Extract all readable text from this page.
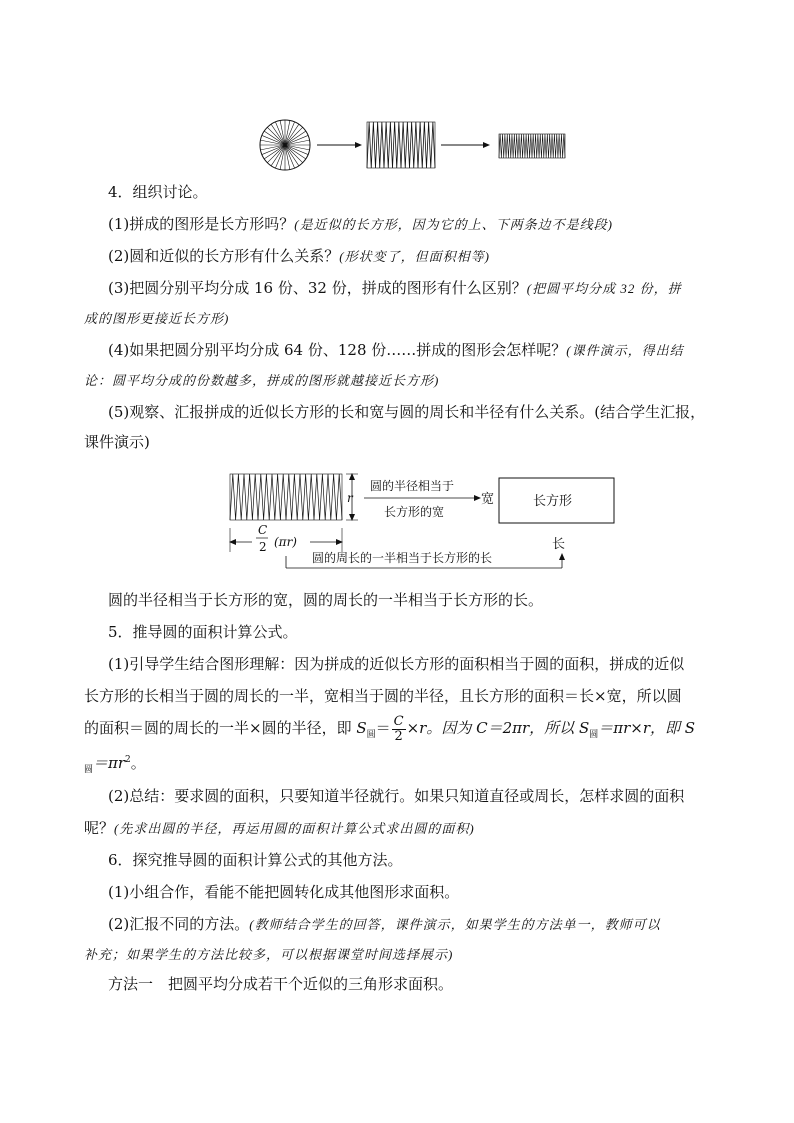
4．组织讨论。

(1)拼成的图形是长方形吗？(是近似的长方形，因为它的上、下两条边不是线段)

(2)圆和近似的长方形有什么关系？(形状变了，但面积相等)

(3)把圆分别平均分成 16 份、32 份，拼成的图形有什么区别？(把圆平均分成 32 份，拼

成的图形更接近长方形)

(4)如果把圆分别平均分成 64 份、128 份……拼成的图形会怎样呢？(课件演示，得出结

论：圆平均分成的份数越多，拼成的图形就越接近长方形)

(5)观察、汇报拼成的近似长方形的长和宽与圆的周长和半径有什么关系。(结合学生汇报，

课件演示)

r
圆的半径相当于
长方形的宽
宽	长方形
C
2 (πr)
圆的周长的一半相当于长方形的长
长

圆的半径相当于长方形的宽，圆的周长的一半相当于长方形的长。

5．推导圆的面积计算公式。

(1)引导学生结合图形理解：因为拼成的近似长方形的面积相当于圆的面积，拼成的近似

长方形的长相当于圆的周长的一半，宽相当于圆的半径，且长方形的面积＝长×宽，所以圆

的面积＝圆的周长的一半×圆的半径，即 $S_圆= \frac{C}{2} \times r$。因为 C＝2πr，所以 $S_圆=\pi r\times r$，即 S

$_圆=\pi r^2$。

(2)总结：要求圆的面积，只要知道半径就行。如果只知道直径或周长，怎样求圆的面积

呢？(先求出圆的半径，再运用圆的面积计算公式求出圆的面积)

6．探究推导圆的面积计算公式的其他方法。

(1)小组合作，看能不能把圆转化成其他图形求面积。

(2)汇报不同的方法。(教师结合学生的回答，课件演示，如果学生的方法单一，教师可以

补充；如果学生的方法比较多，可以根据课堂时间选择展示)

方法一　把圆平均分成若干个近似的三角形求面积。
